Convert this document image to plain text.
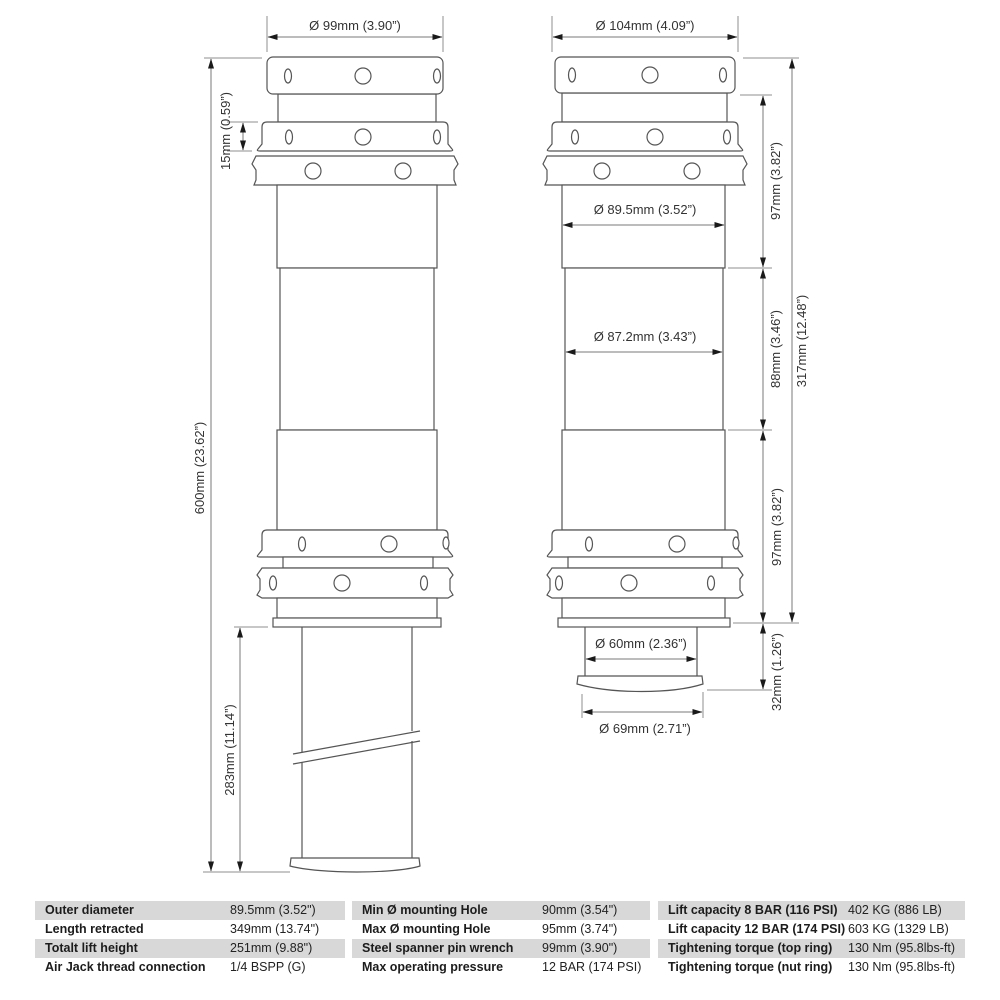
Ø 99mm (3.90”)
600mm (23.62”)
15mm (0.59”)
283mm (11.14”)
Ø 104mm (4.09”)
Ø 89.5mm (3.52”)
Ø 87.2mm (3.43”)
Ø 60mm (2.36”)
Ø 69mm (2.71”)
97mm (3.82”)
88mm (3.46”)
97mm (3.82”)
32mm (1.26”)
317mm (12.48”)
Outer diameter	89.5mm (3.52")
Length retracted	349mm (13.74")
Totalt lift height	251mm (9.88")
Air Jack thread connection	1/4 BSPP (G)
Min Ø mounting Hole	90mm (3.54")
Max Ø mounting Hole	95mm (3.74")
Steel spanner pin wrench	99mm (3.90")
Max operating pressure	12 BAR (174 PSI)
Lift capacity 8 BAR (116 PSI) 402 KG (886 LB)
Lift capacity 12 BAR (174 PSI) 603 KG (1329 LB)
Tightening torque (top ring)	130 Nm (95.8lbs-ft)
Tightening torque (nut ring)	130 Nm (95.8lbs-ft)
